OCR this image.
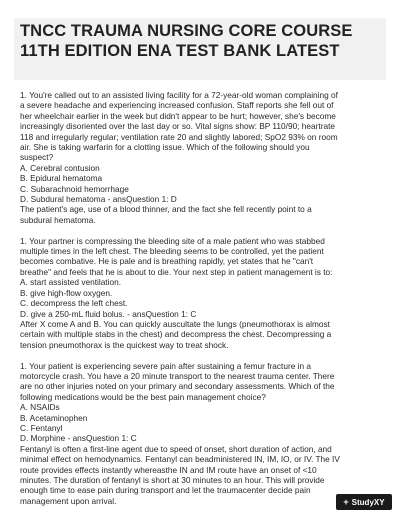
TNCC TRAUMA NURSING CORE COURSE 11TH EDITION ENA TEST BANK LATEST

1. You're called out to an assisted living facility for a 72-year-old woman complaining of

a severe headache and experiencing increased confusion. Staff reports she fell out of

her wheelchair earlier in the week but didn't appear to be hurt; however, she's become

increasingly disoriented over the last day or so. Vital signs show: BP 110/90; heartrate

118 and irregularly regular; ventilation rate 20 and slightly labored; SpO2 93% on room

air. She is taking warfarin for a clotting issue. Which of the following should you

suspect?

A. Cerebral contusion

B. Epidural hematoma

C. Subarachnoid hemorrhage

D. Subdural hematoma - ansQuestion 1: D

The patient's age, use of a blood thinner, and the fact she fell recently point to a

subdural hematoma.

1. Your partner is compressing the bleeding site of a male patient who was stabbed

multiple times in the left chest. The bleeding seems to be controlled, yet the patient

becomes combative. He is pale and is breathing rapidly, yet states that he "can't

breathe" and feels that he is about to die. Your next step in patient management is to:

A. start assisted ventilation.

B. give high-flow oxygen.

C. decompress the left chest.

D. give a 250-mL fluid bolus. - ansQuestion 1: C

After X come A and B. You can quickly auscultate the lungs (pneumothorax is almost

certain with multiple stabs in the chest) and decompress the chest. Decompressing a

tension pneumothorax is the quickest way to treat shock.

1. Your patient is experiencing severe pain after sustaining a femur fracture in a

motorcycle crash. You have a 20 minute transport to the nearest trauma center. There

are no other injuries noted on your primary and secondary assessments. Which of the

following medications would be the best pain management choice?

A. NSAIDs

B. Acetaminophen

C. Fentanyl

D. Morphine - ansQuestion 1: C

Fentanyl is often a first-line agent due to speed of onset, short duration of action, and

minimal effect on hemodynamics. Fentanyl can beadministered IN, IM, IO, or IV. The IV

route provides effects instantly whereasthe IN and IM route have an onset of <10

minutes. The duration of fentanyl is short at 30 minutes to an hour. This will provide

enough time to ease pain during transport and let the traumacenter decide pain

management upon arrival.	+ StudyXY
